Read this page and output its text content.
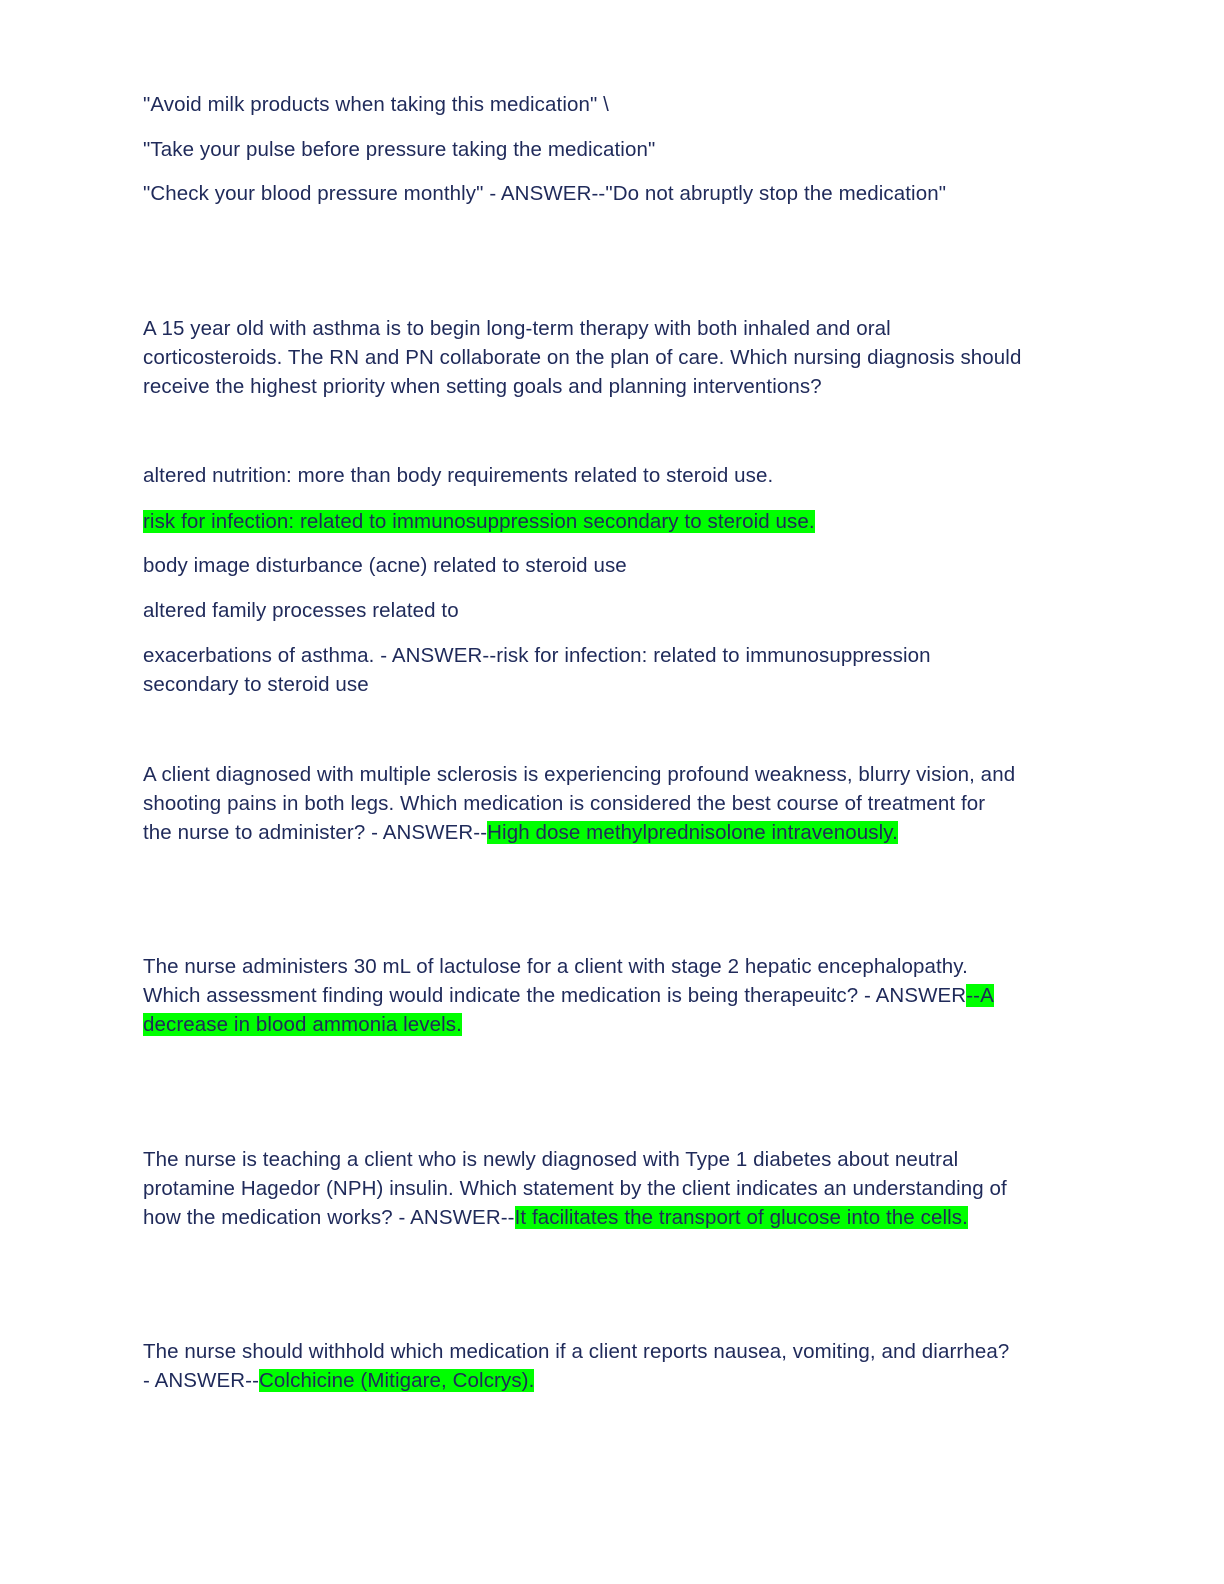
"Avoid milk products when taking this medication" \
"Take your pulse before pressure taking the medication"
"Check your blood pressure monthly" - ANSWER--"Do not abruptly stop the medication"
A 15 year old with asthma is to begin long-term therapy with both inhaled and oral
corticosteroids. The RN and PN collaborate on the plan of care. Which nursing diagnosis should
receive the highest priority when setting goals and planning interventions?
altered nutrition: more than body requirements related to steroid use.
risk for infection: related to immunosuppression secondary to steroid use.
body image disturbance (acne) related to steroid use
altered family processes related to
exacerbations of asthma. - ANSWER--risk for infection: related to immunosuppression
secondary to steroid use
A client diagnosed with multiple sclerosis is experiencing profound weakness, blurry vision, and
shooting pains in both legs. Which medication is considered the best course of treatment for
the nurse to administer? - ANSWER--High dose methylprednisolone intravenously.
The nurse administers 30 mL of lactulose for a client with stage 2 hepatic encephalopathy.
Which assessment finding would indicate the medication is being therapeuitc? - ANSWER--A
decrease in blood ammonia levels.
The nurse is teaching a client who is newly diagnosed with Type 1 diabetes about neutral
protamine Hagedor (NPH) insulin. Which statement by the client indicates an understanding of
how the medication works? - ANSWER--It facilitates the transport of glucose into the cells.
The nurse should withhold which medication if a client reports nausea, vomiting, and diarrhea?
- ANSWER--Colchicine (Mitigare, Colcrys).
